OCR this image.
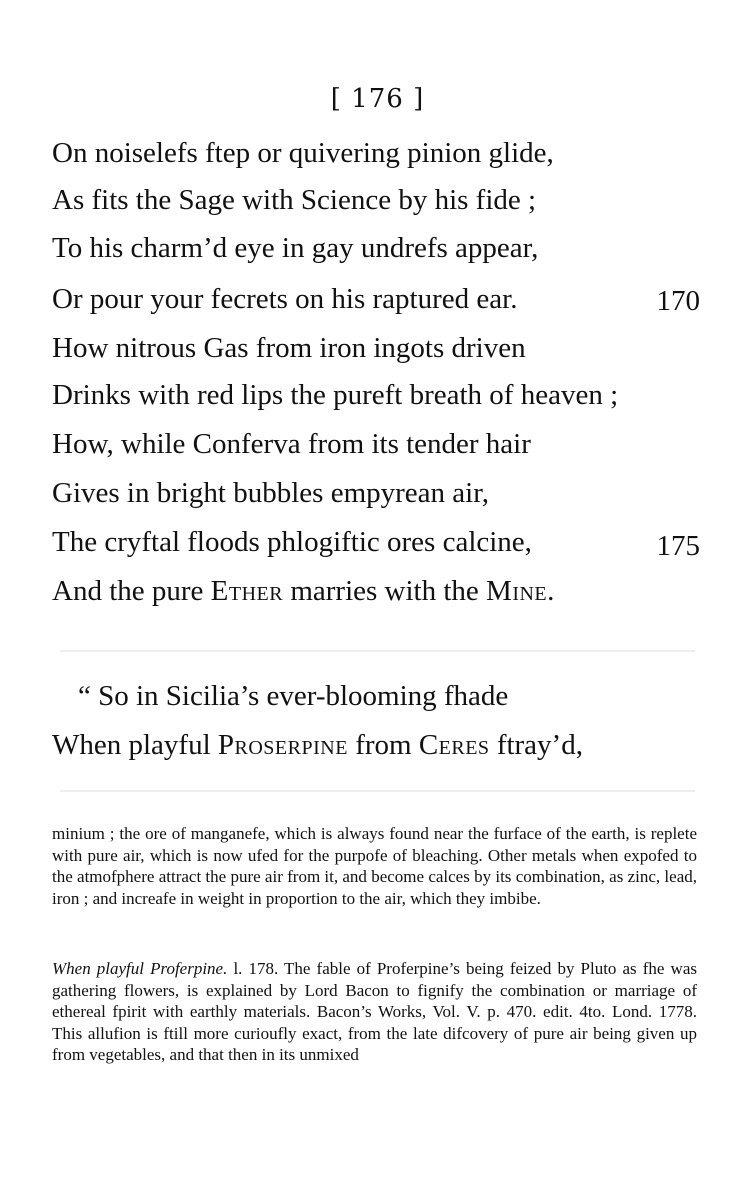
[ 176 ]
On noiselefs ftep or quivering pinion glide,
As fits the Sage with Science by his fide ;
To his charm’d eye in gay undrefs appear,
Or pour your fecrets on his raptured ear.	170
How nitrous Gas from iron ingots driven
Drinks with red lips the pureft breath of heaven ;
How, while Conferva from its tender hair
Gives in bright bubbles empyrean air,
The cryftal floods phlogiftic ores calcine,	175
And the pure Ether marries with the Mine.
“ So in Sicilia’s ever-blooming fhade
When playful Proserpine from Ceres ftray’d,
minium ; the ore of manganefe, which is always found near the furface of the earth, is replete with pure air, which is now ufed for the purpofe of bleaching. Other metals when expofed to the atmofphere attract the pure air from it, and become calces by its combination, as zinc, lead, iron ; and increafe in weight in proportion to the air, which they imbibe.
When playful Proferpine. l. 178. The fable of Proferpine’s being feized by Pluto as fhe was gathering flowers, is explained by Lord Bacon to fignify the combination or marriage of ethereal fpirit with earthly materials. Bacon’s Works, Vol. V. p. 470. edit. 4to. Lond. 1778. This allufion is ftill more curioufly exact, from the late difcovery of pure air being given up from vegetables, and that then in its unmixed
